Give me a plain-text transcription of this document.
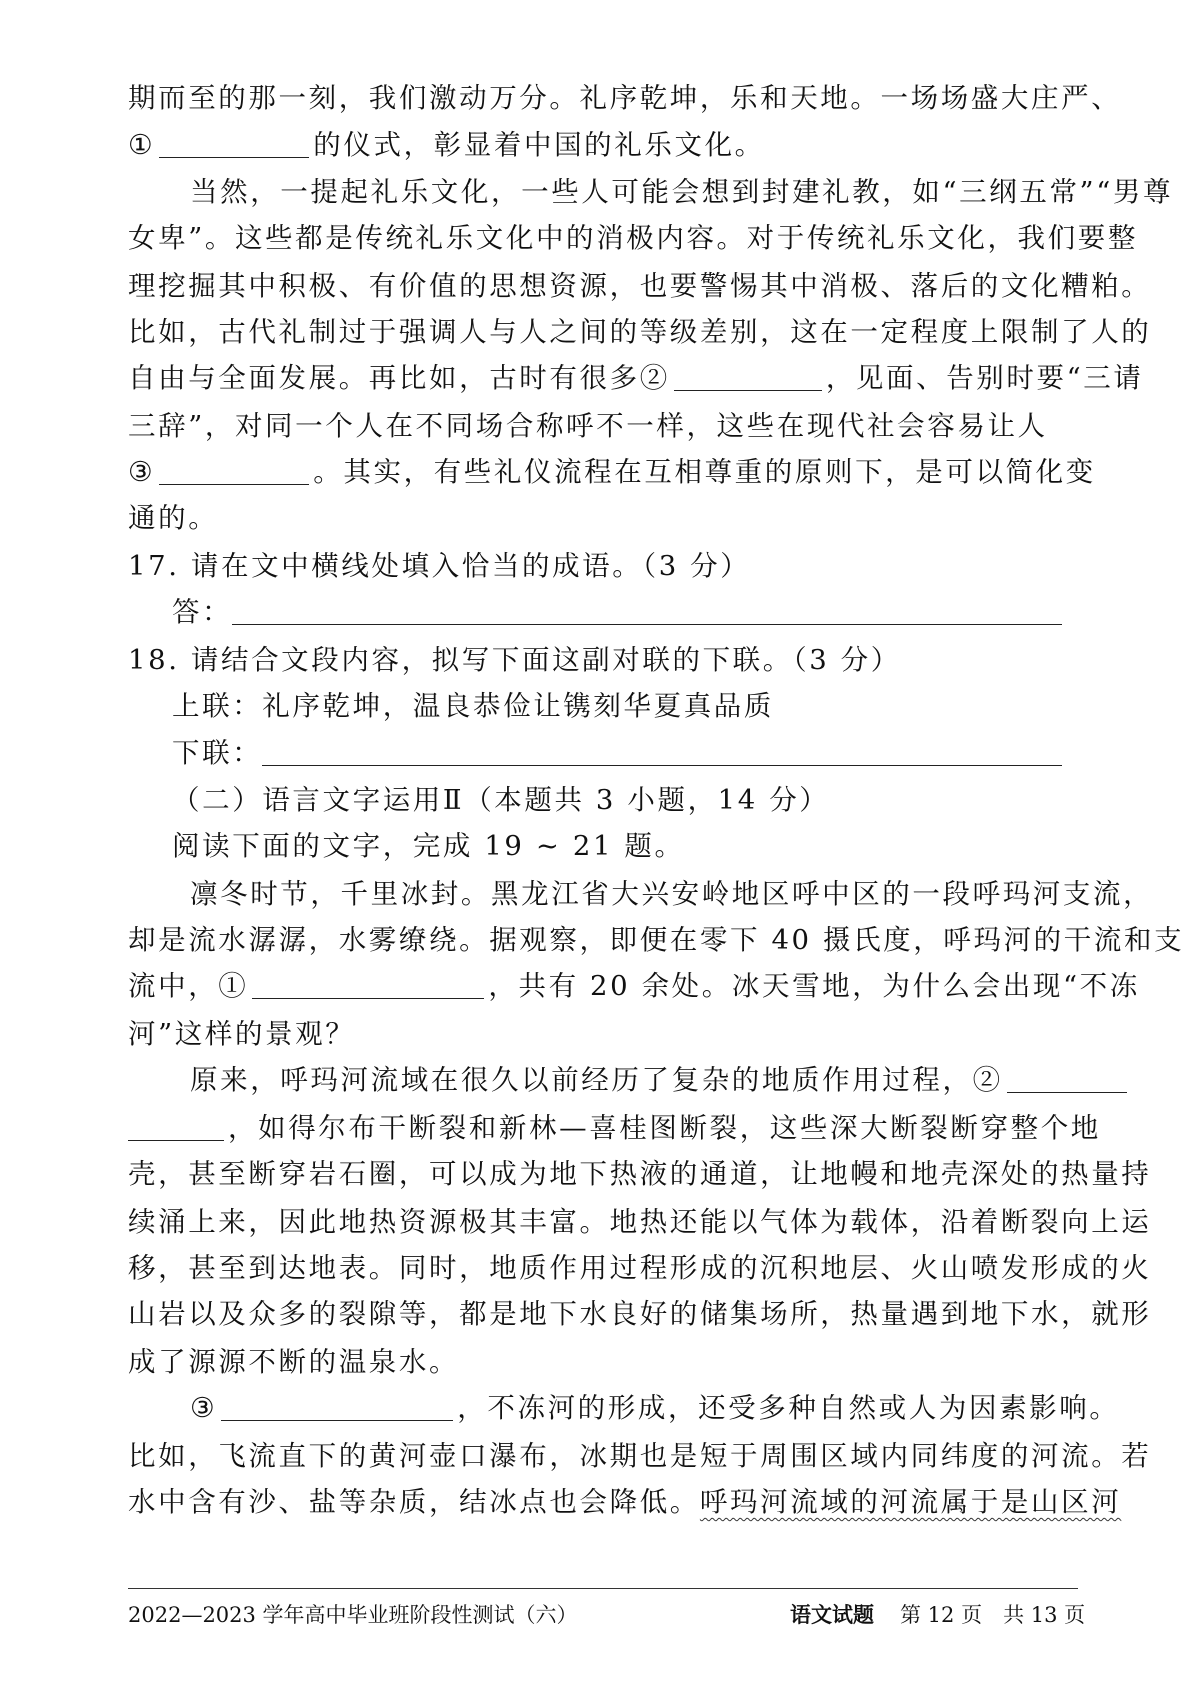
期而至的那一刻，我们激动万分。礼序乾坤，乐和天地。一场场盛大庄严、
①	的仪式，彰显着中国的礼乐文化。
当然，一提起礼乐文化，一些人可能会想到封建礼教，如“三纲五常”“男尊
女卑”。这些都是传统礼乐文化中的消极内容。对于传统礼乐文化，我们要整
理挖掘其中积极、有价值的思想资源，也要警惕其中消极、落后的文化糟粕。
比如，古代礼制过于强调人与人之间的等级差别，这在一定程度上限制了人的
自由与全面发展。再比如，古时有很多②	，见面、告别时要“三请
三辞”，对同一个人在不同场合称呼不一样，这些在现代社会容易让人
③	。其实，有些礼仪流程在互相尊重的原则下，是可以简化变
通的。
17. 请在文中横线处填入恰当的成语。（3 分）
答：
18. 请结合文段内容，拟写下面这副对联的下联。（3 分）
上联：礼序乾坤，温良恭俭让镌刻华夏真品质
下联：
（二）语言文字运用Ⅱ（本题共 3 小题，14 分）
阅读下面的文字，完成 19 ~ 21 题。
凛冬时节，千里冰封。黑龙江省大兴安岭地区呼中区的一段呼玛河支流，
却是流水潺潺，水雾缭绕。据观察，即便在零下 40 摄氏度，呼玛河的干流和支
流中，①	，共有 20 余处。冰天雪地，为什么会出现“不冻
河”这样的景观？
原来，呼玛河流域在很久以前经历了复杂的地质作用过程，②
，如得尔布干断裂和新林—喜桂图断裂，这些深大断裂断穿整个地
壳，甚至断穿岩石圈，可以成为地下热液的通道，让地幔和地壳深处的热量持
续涌上来，因此地热资源极其丰富。地热还能以气体为载体，沿着断裂向上运
移，甚至到达地表。同时，地质作用过程形成的沉积地层、火山喷发形成的火
山岩以及众多的裂隙等，都是地下水良好的储集场所，热量遇到地下水，就形
成了源源不断的温泉水。
③	，不冻河的形成，还受多种自然或人为因素影响。
比如，飞流直下的黄河壶口瀑布，冰期也是短于周围区域内同纬度的河流。若
水中含有沙、盐等杂质，结冰点也会降低。呼玛河流域的河流属于是山区河
2022—2023 学年高中毕业班阶段性测试（六）	语文试题 第 12 页　共 13 页
